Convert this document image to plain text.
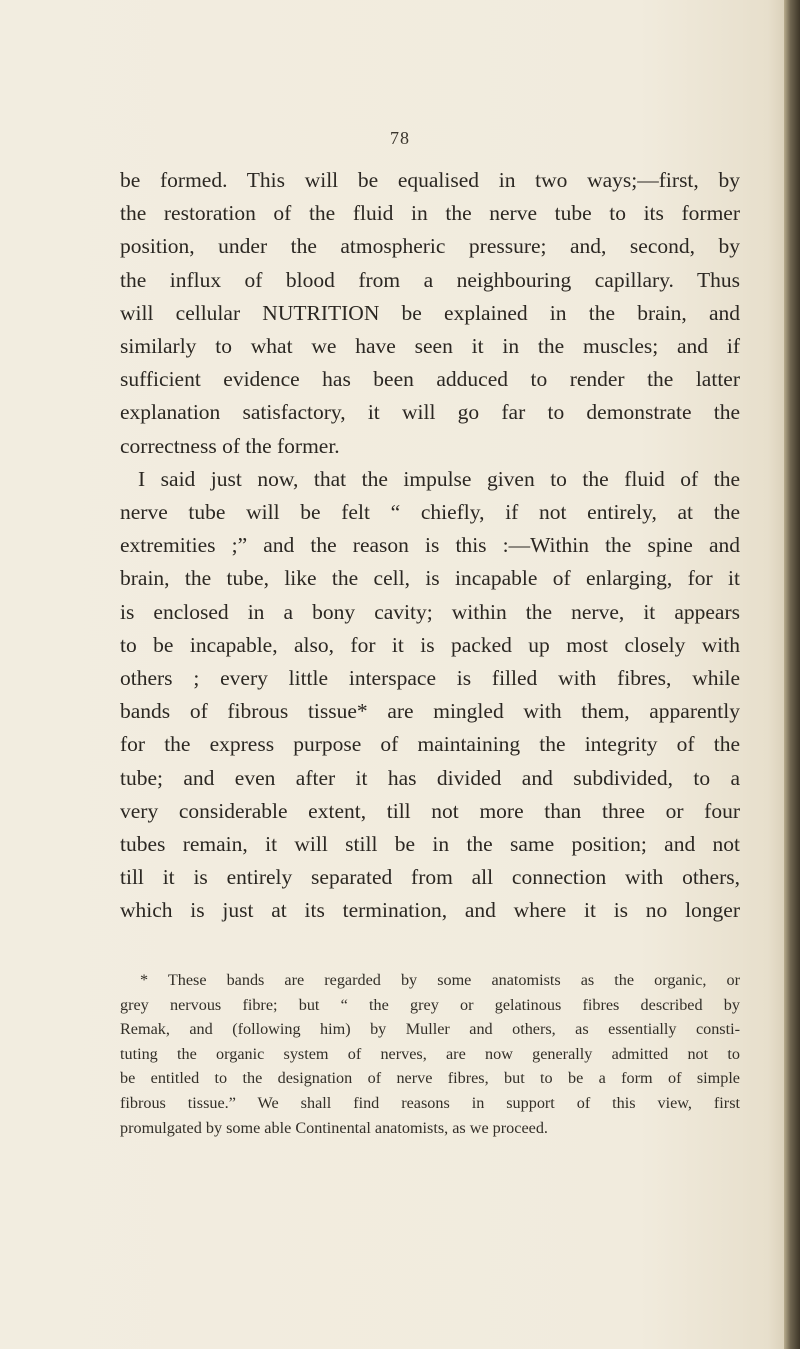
78
be formed. This will be equalised in two ways;—first, by
the restoration of the fluid in the nerve tube to its former
position, under the atmospheric pressure; and, second, by
the influx of blood from a neighbouring capillary. Thus
will cellular NUTRITION be explained in the brain, and
similarly to what we have seen it in the muscles; and if
sufficient evidence has been adduced to render the latter
explanation satisfactory, it will go far to demonstrate the
correctness of the former.
I said just now, that the impulse given to the fluid of the
nerve tube will be felt “ chiefly, if not entirely, at the
extremities ;” and the reason is this :—Within the spine and
brain, the tube, like the cell, is incapable of enlarging, for it
is enclosed in a bony cavity; within the nerve, it appears
to be incapable, also, for it is packed up most closely with
others ; every little interspace is filled with fibres, while
bands of fibrous tissue* are mingled with them, apparently
for the express purpose of maintaining the integrity of the
tube; and even after it has divided and subdivided, to a
very considerable extent, till not more than three or four
tubes remain, it will still be in the same position; and not
till it is entirely separated from all connection with others,
which is just at its termination, and where it is no longer
* These bands are regarded by some anatomists as the organic, or
grey nervous fibre; but “ the grey or gelatinous fibres described by
Remak, and (following him) by Muller and others, as essentially consti-
tuting the organic system of nerves, are now generally admitted not to
be entitled to the designation of nerve fibres, but to be a form of simple
fibrous tissue.” We shall find reasons in support of this view, first
promulgated by some able Continental anatomists, as we proceed.
